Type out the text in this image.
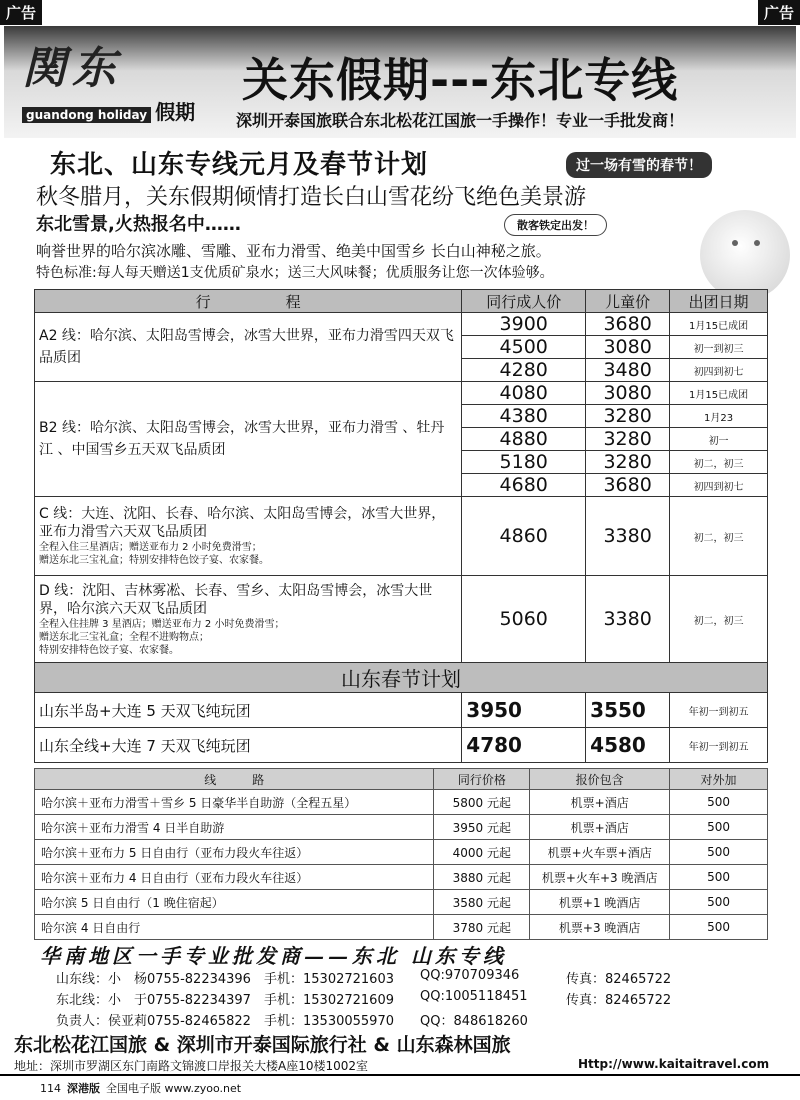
广告	广告
関东
guandong holiday 假期
关东假期---东北专线
深圳开泰国旅联合东北松花江国旅一手操作！专业一手批发商！
东北、山东专线元月及春节计划	过一场有雪的春节！
秋冬腊月，关东假期倾情打造长白山雪花纷飞绝色美景游
东北雪景,火热报名中……	散客铁定出发！
响誉世界的哈尔滨冰雕、雪雕、亚布力滑雪、绝美中国雪乡 长白山神秘之旅。
特色标准:每人每天赠送1支优质矿泉水；送三大风味餐；优质服务让您一次体验够。
行　　　　　程	同行成人价	儿童价	出团日期
A2 线：哈尔滨、太阳岛雪博会，冰雪大世界，亚布力滑雪四天双飞品质团	3900	3680	1月15已成团
	4500	3080	初一到初三
	4280	3480	初四到初七
B2 线：哈尔滨、太阳岛雪博会，冰雪大世界，亚布力滑雪 、牡丹江 、中国雪乡五天双飞品质团	4080	3080	1月15已成团
	4380	3280	1月23
	4880	3280	初一
	5180	3280	初二，初三
	4680	3680	初四到初七

C 线：大连、沈阳、长春、哈尔滨、太阳岛雪博会，冰雪大世界，亚布力滑雪六天双飞品质团
全程入住三星酒店；赠送亚布力 2 小时免费滑雪；
赠送东北三宝礼盒；特别安排特色饺子宴、农家餐。	4860	3380	初二，初三

D 线：沈阳、吉林雾凇、长春、雪乡、太阳岛雪博会，冰雪大世界，哈尔滨六天双飞品质团
全程入住挂牌 3 星酒店；赠送亚布力 2 小时免费滑雪；
赠送东北三宝礼盒；全程不进购物点；
特别安排特色饺子宴、农家餐。	5060	3380	初二，初三
山东春节计划			
山东半岛+大连 5 天双飞纯玩团	3950	3550	年初一到初五
山东全线+大连 7 天双飞纯玩团	4780	4580	年初一到初五
线　　　路	同行价格	报价包含	对外加
哈尔滨＋亚布力滑雪＋雪乡 5 日豪华半自助游（全程五星）	5800 元起	机票+酒店	500
哈尔滨＋亚布力滑雪 4 日半自助游	3950 元起	机票+酒店	500
哈尔滨＋亚布力 5 日自由行（亚布力段火车往返）	4000 元起	机票+火车票+酒店	500
哈尔滨＋亚布力 4 日自由行（亚布力段火车往返）	3880 元起	机票+火车+3 晚酒店	500
哈尔滨 5 日自由行（1 晚住宿起）	3580 元起	机票+1 晚酒店	500
哈尔滨 4 日自由行	3780 元起	机票+3 晚酒店	500
华南地区一手专业批发商——东北 山东专线
山东线：小　杨0755-82234396	手机：15302721603	QQ:970709346	传真：82465722
东北线：小　于0755-82234397	手机：15302721609	QQ:1005118451	传真：82465722
负责人：侯亚莉0755-82465822	手机：13530055970	QQ：848618260
东北松花江国旅 & 深圳市开泰国际旅行社 & 山东森林国旅
地址：深圳市罗湖区东门南路文锦渡口岸报关大楼A座10楼1002室	Http://www.kaitaitravel.com
114 深港版 全国电子版 www.zyoo.net
